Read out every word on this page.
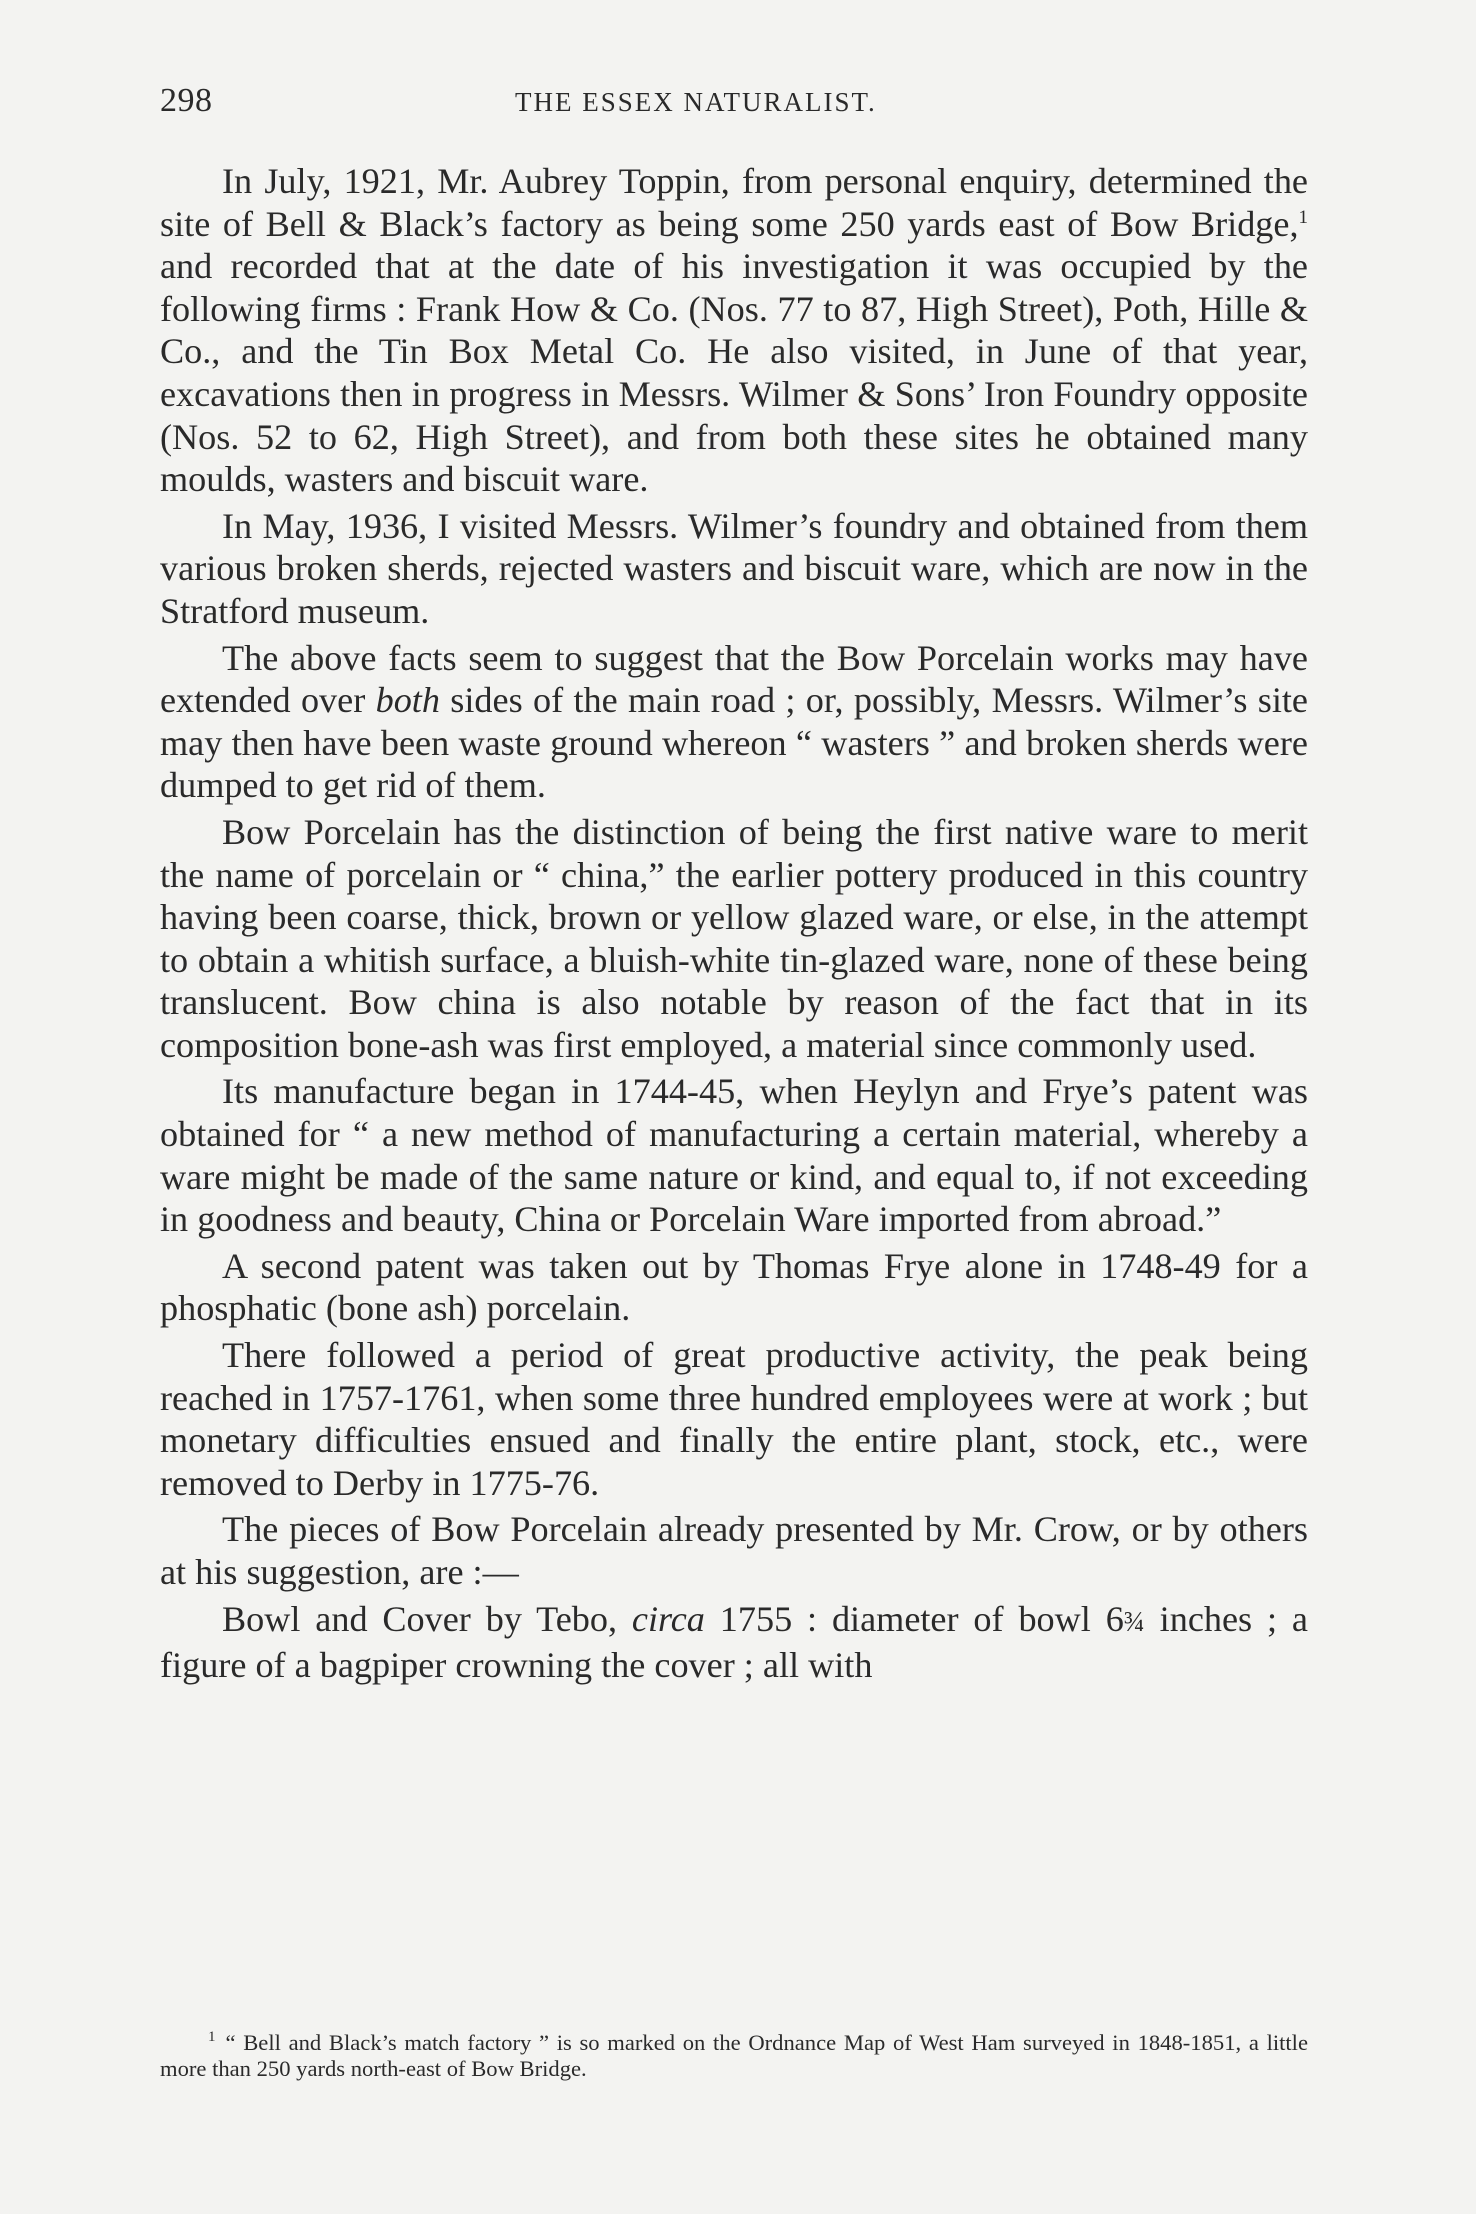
298	THE ESSEX NATURALIST.

In July, 1921, Mr. Aubrey Toppin, from personal enquiry, determined the site of Bell & Black’s factory as being some 250 yards east of Bow Bridge,$^1$ and recorded that at the date of his investigation it was occupied by the following firms : Frank How & Co. (Nos. 77 to 87, High Street), Poth, Hille & Co., and the Tin Box Metal Co. He also visited, in June of that year, excavations then in progress in Messrs. Wilmer & Sons’ Iron Foundry opposite (Nos. 52 to 62, High Street), and from both these sites he obtained many moulds, wasters and biscuit ware.

In May, 1936, I visited Messrs. Wilmer’s foundry and obtained from them various broken sherds, rejected wasters and biscuit ware, which are now in the Stratford museum.

The above facts seem to suggest that the Bow Porcelain works may have extended over both sides of the main road ; or, possibly, Messrs. Wilmer’s site may then have been waste ground whereon “ wasters ” and broken sherds were dumped to get rid of them.

Bow Porcelain has the distinction of being the first native ware to merit the name of porcelain or “ china,” the earlier pottery produced in this country having been coarse, thick, brown or yellow glazed ware, or else, in the attempt to obtain a whitish surface, a bluish-white tin-glazed ware, none of these being translucent. Bow china is also notable by reason of the fact that in its composition bone-ash was first employed, a material since commonly used.

Its manufacture began in 1744-45, when Heylyn and Frye’s patent was obtained for “ a new method of manufacturing a certain material, whereby a ware might be made of the same nature or kind, and equal to, if not exceeding in goodness and beauty, China or Porcelain Ware imported from abroad.”

A second patent was taken out by Thomas Frye alone in 1748-49 for a phosphatic (bone ash) porcelain.

There followed a period of great productive activity, the peak being reached in 1757-1761, when some three hundred employees were at work ; but monetary difficulties ensued and finally the entire plant, stock, etc., were removed to Derby in 1775-76.

The pieces of Bow Porcelain already presented by Mr. Crow, or by others at his suggestion, are :—

Bowl and Cover by Tebo, circa 1755 : diameter of bowl 6¾ inches ; a figure of a bagpiper crowning the cover ; all with

$^1$ “ Bell and Black’s match factory ” is so marked on the Ordnance Map of West Ham surveyed in 1848-1851, a little more than 250 yards north-east of Bow Bridge.
